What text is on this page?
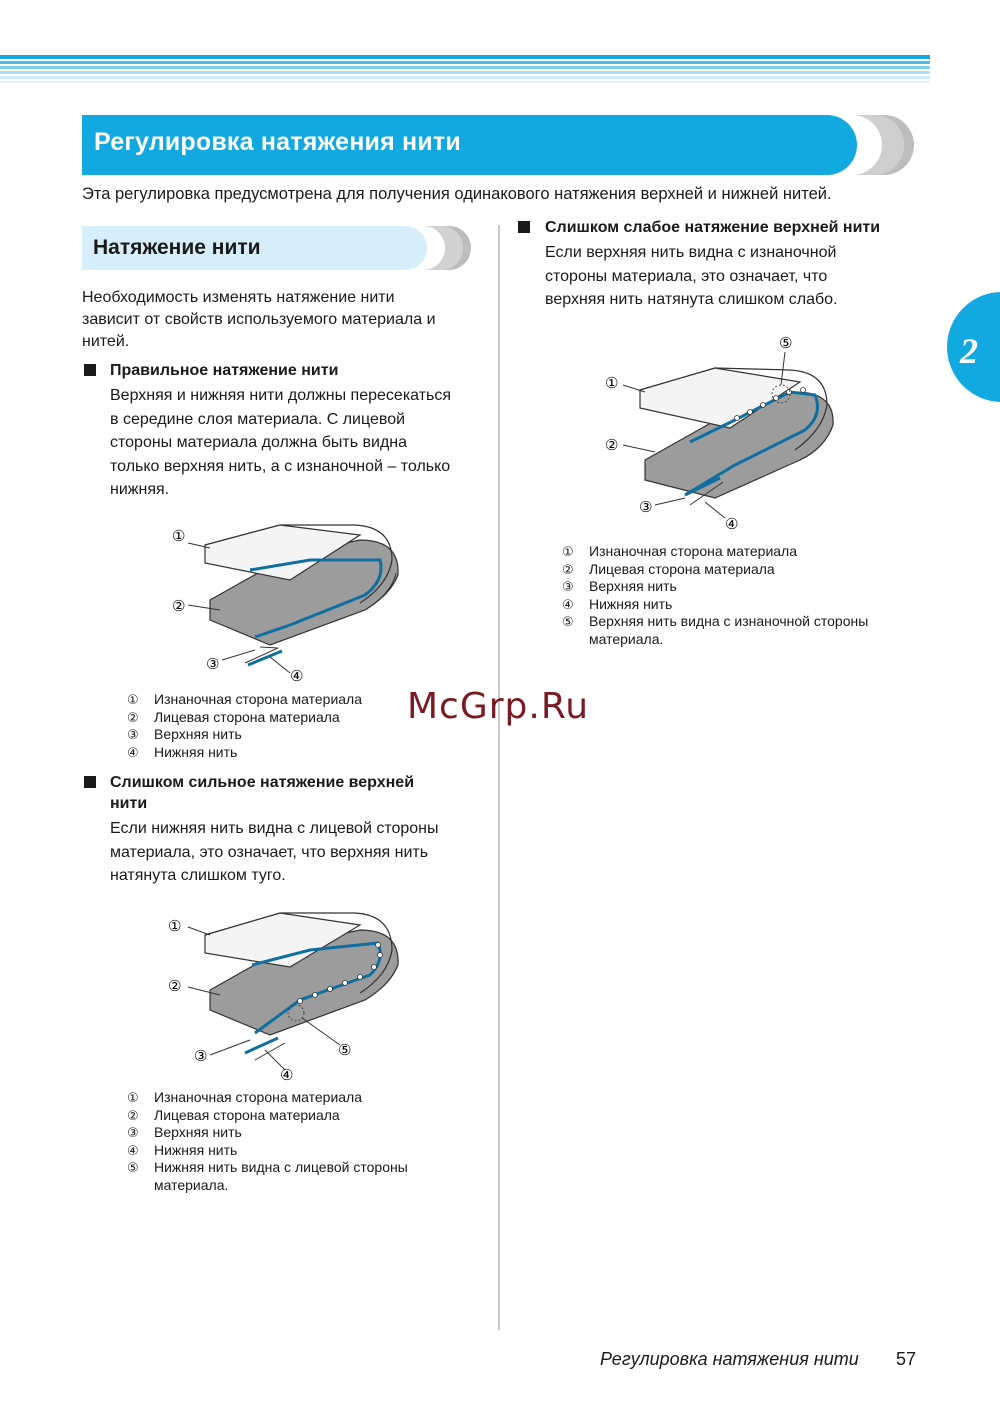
Регулировка натяжения нити
Эта регулировка предусмотрена для получения одинакового натяжения верхней и нижней нитей.
2
Натяжение нити
Необходимость изменять натяжение нити
зависит от свойств используемого материала и
нитей.
Правильное натяжение нити
Верхняя и нижняя нити должны пересекаться
в середине слоя материала. С лицевой
стороны материала должна быть видна
только верхняя нить, а с изнаночной – только
нижняя.
①
②
③
④
①	Изнаночная сторона материала
②	Лицевая сторона материала
③	Верхняя нить
④	Нижняя нить
Слишком сильное натяжение верхней
нити
Если нижняя нить видна с лицевой стороны
материала, это означает, что верхняя нить
натянута слишком туго.
①
②
③
④
⑤
①	Изнаночная сторона материала
②	Лицевая сторона материала
③	Верхняя нить
④	Нижняя нить
⑤	Нижняя нить видна с лицевой стороны
материала.
Слишком слабое натяжение верхней нити
Если верхняя нить видна с изнаночной
стороны материала, это означает, что
верхняя нить натянута слишком слабо.
①
②
③
④
⑤
①	Изнаночная сторона материала
②	Лицевая сторона материала
③	Верхняя нить
④	Нижняя нить
⑤	Верхняя нить видна с изнаночной стороны
материала.
McGrp.Ru
Регулировка натяжения нити 57
